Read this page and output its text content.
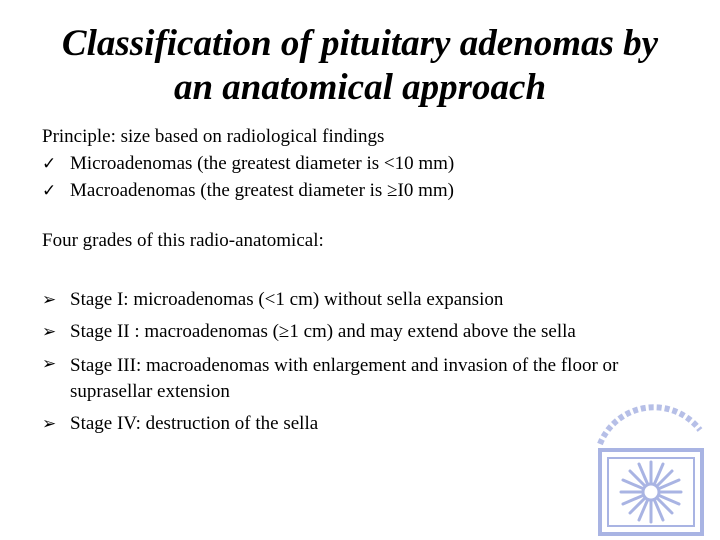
Classification of pituitary adenomas by
an anatomical approach
Principle: size based on radiological findings
✓ Microadenomas (the greatest diameter is <10 mm)
✓ Macroadenomas (the greatest diameter is ≥I0 mm)
Four grades of this radio-anatomical:
➢ Stage I: microadenomas (<1 cm) without sella expansion
➢ Stage II : macroadenomas (≥1 cm) and may extend above the sella
➢ Stage III: macroadenomas with enlargement and invasion of the floor or suprasellar extension
➢ Stage IV: destruction of the sella
